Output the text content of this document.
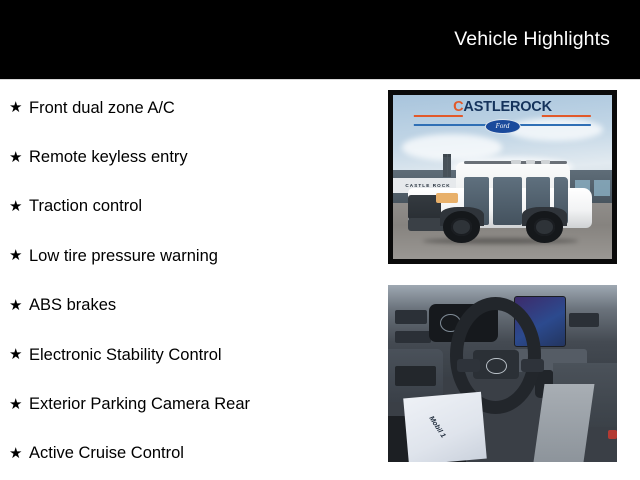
Vehicle Highlights
★ Front dual zone A/C
★ Remote keyless entry
★ Traction control
★ Low tire pressure warning
★ ABS brakes
★ Electronic Stability Control
★ Exterior Parking Camera Rear
★ Active Cruise Control
CASTLE ROCK
CASTLEROCK
Ford
Mobil 1
